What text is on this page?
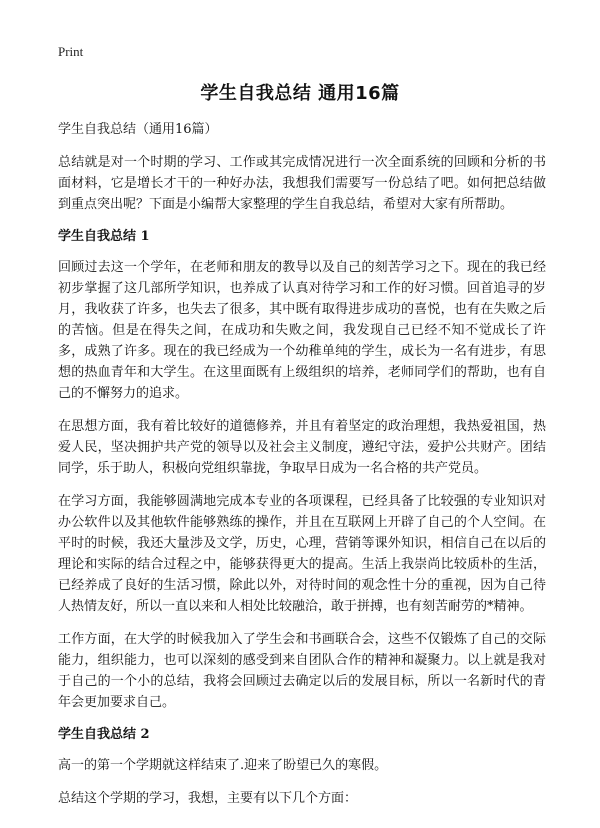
Print
学生自我总结 通用16篇
学生自我总结（通用16篇）

总结就是对一个时期的学习、工作或其完成情况进行一次全面系统的回顾和分析的书面材料，它是增长才干的一种好办法，我想我们需要写一份总结了吧。如何把总结做到重点突出呢？下面是小编帮大家整理的学生自我总结，希望对大家有所帮助。

学生自我总结 1

回顾过去这一个学年，在老师和朋友的教导以及自己的刻苦学习之下。现在的我已经初步掌握了这几部所学知识，也养成了认真对待学习和工作的好习惯。回首追寻的岁月，我收获了许多，也失去了很多，其中既有取得进步成功的喜悦，也有在失败之后的苦恼。但是在得失之间，在成功和失败之间，我发现自己已经不知不觉成长了许多，成熟了许多。现在的我已经成为一个幼稚单纯的学生，成长为一名有进步，有思想的热血青年和大学生。在这里面既有上级组织的培养，老师同学们的帮助，也有自己的不懈努力的追求。

在思想方面，我有着比较好的道德修养，并且有着坚定的政治理想，我热爱祖国，热爱人民，坚决拥护共产党的领导以及社会主义制度，遵纪守法，爱护公共财产。团结同学，乐于助人，积极向党组织靠拢，争取早日成为一名合格的共产党员。

在学习方面，我能够圆满地完成本专业的各项课程，已经具备了比较强的专业知识对办公软件以及其他软件能够熟练的操作，并且在互联网上开辟了自己的个人空间。在平时的时候，我还大量涉及文学，历史，心理，营销等课外知识，相信自己在以后的理论和实际的结合过程之中，能够获得更大的提高。生活上我崇尚比较质朴的生活，已经养成了良好的生活习惯，除此以外，对待时间的观念性十分的重视，因为自己待人热情友好，所以一直以来和人相处比较融洽，敢于拼搏，也有刻苦耐劳的*精神。

工作方面，在大学的时候我加入了学生会和书画联合会，这些不仅锻炼了自己的交际能力，组织能力，也可以深刻的感受到来自团队合作的精神和凝聚力。以上就是我对于自己的一个小的总结，我将会回顾过去确定以后的发展目标，所以一名新时代的青年会更加要求自己。

学生自我总结 2

高一的第一个学期就这样结束了.迎来了盼望已久的寒假。

总结这个学期的学习，我想，主要有以下几个方面：
